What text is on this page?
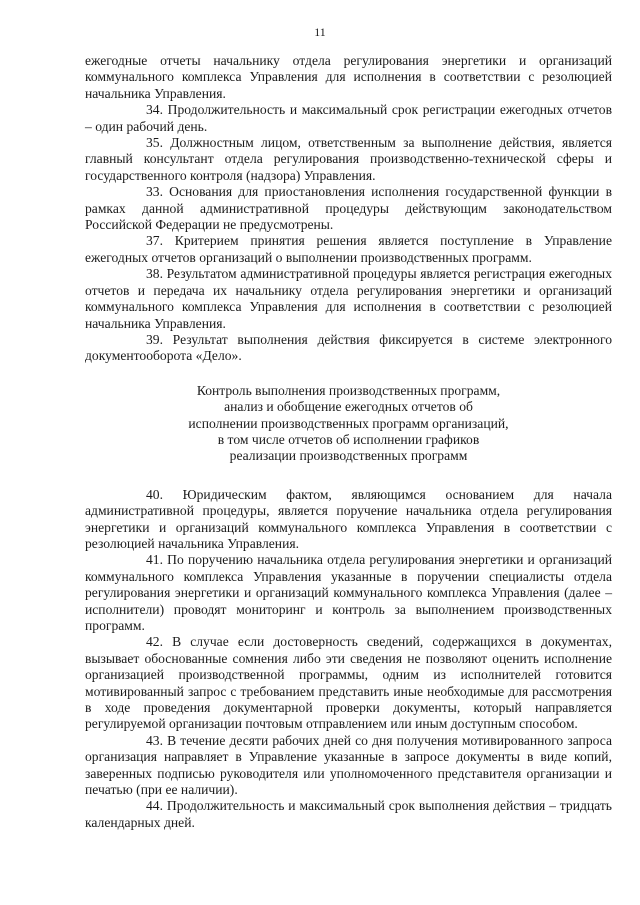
11

ежегодные отчеты начальнику отдела регулирования энергетики и организаций коммунального комплекса Управления для исполнения в соответствии с резолюцией начальника Управления.

34. Продолжительность и максимальный срок регистрации ежегодных отчетов – один рабочий день.

35. Должностным лицом, ответственным за выполнение действия, является главный консультант отдела регулирования производственно-технической сферы и государственного контроля (надзора) Управления.

33. Основания для приостановления исполнения государственной функции в рамках данной административной процедуры действующим законодательством Российской Федерации не предусмотрены.

37. Критерием принятия решения является поступление в Управление ежегодных отчетов организаций о выполнении производственных программ.

38. Результатом административной процедуры является регистрация ежегодных отчетов и передача их начальнику отдела регулирования энергетики и организаций коммунального комплекса Управления для исполнения в соответствии с резолюцией начальника Управления.

39. Результат выполнения действия фиксируется в системе электронного документооборота «Дело».

Контроль выполнения производственных программ,
анализ и обобщение ежегодных отчетов об
исполнении производственных программ организаций,
в том числе отчетов об исполнении графиков
реализации производственных программ

40. Юридическим фактом, являющимся основанием для начала административной процедуры, является поручение начальника отдела регулирования энергетики и организаций коммунального комплекса Управления в соответствии с резолюцией начальника Управления.

41. По поручению начальника отдела регулирования энергетики и организаций коммунального комплекса Управления указанные в поручении специалисты отдела регулирования энергетики и организаций коммунального комплекса Управления (далее – исполнители) проводят мониторинг и контроль за выполнением производственных программ.

42. В случае если достоверность сведений, содержащихся в документах, вызывает обоснованные сомнения либо эти сведения не позволяют оценить исполнение организацией производственной программы, одним из исполнителей готовится мотивированный запрос с требованием представить иные необходимые для рассмотрения в ходе проведения документарной проверки документы, который направляется регулируемой организации почтовым отправлением или иным доступным способом.

43. В течение десяти рабочих дней со дня получения мотивированного запроса организация направляет в Управление указанные в запросе документы в виде копий, заверенных подписью руководителя или уполномоченного представителя организации и печатью (при ее наличии).

44. Продолжительность и максимальный срок выполнения действия – тридцать календарных дней.
